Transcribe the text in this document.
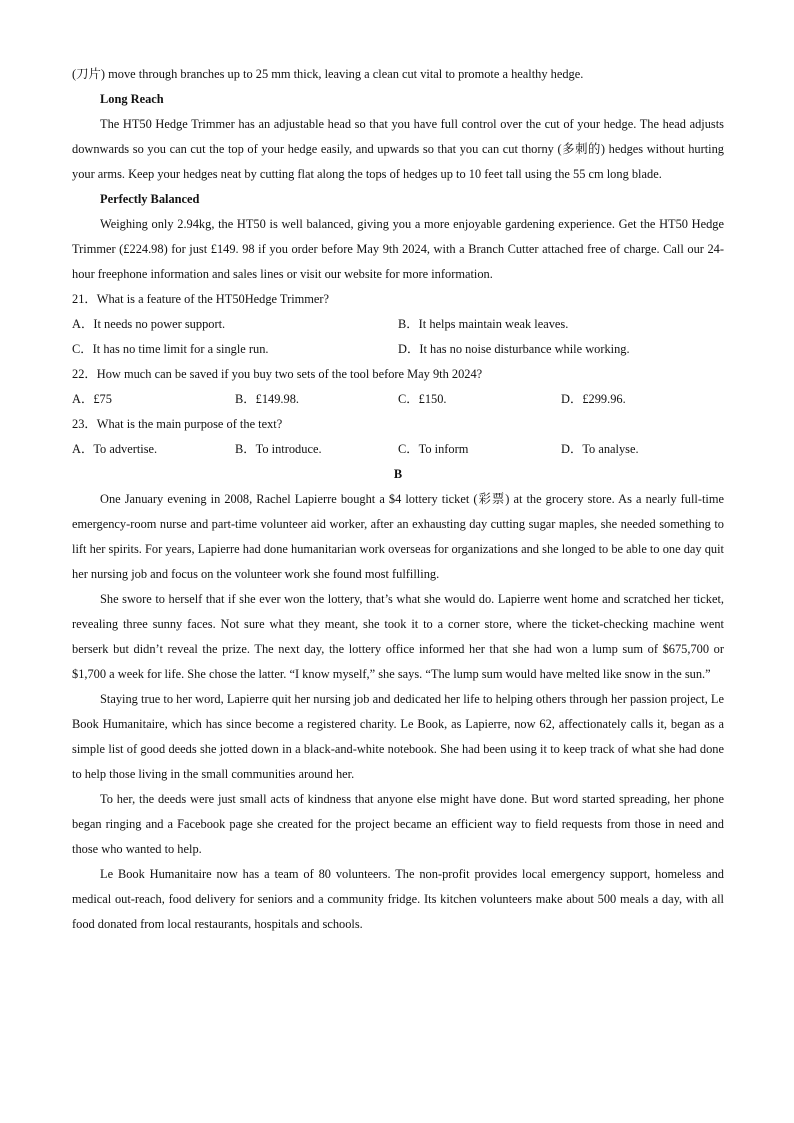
(刀片) move through branches up to 25 mm thick, leaving a clean cut vital to promote a healthy hedge.

Long Reach

The HT50 Hedge Trimmer has an adjustable head so that you have full control over the cut of your hedge. The head adjusts downwards so you can cut the top of your hedge easily, and upwards so that you can cut thorny (多刺的) hedges without hurting your arms. Keep your hedges neat by cutting flat along the tops of hedges up to 10 feet tall using the 55 cm long blade.

Perfectly Balanced

Weighing only 2.94kg, the HT50 is well balanced, giving you a more enjoyable gardening experience. Get the HT50 Hedge Trimmer (£224.98) for just £149. 98 if you order before May 9th 2024, with a Branch Cutter attached free of charge. Call our 24-hour freephone information and sales lines or visit our website for more information.

21．What is a feature of the HT50Hedge Trimmer?
A．It needs no power support.	B．It helps maintain weak leaves.
C．It has no time limit for a single run.	D．It has no noise disturbance while working.
22．How much can be saved if you buy two sets of the tool before May 9th 2024?
A．£75	B．£149.98.	C．£150.	D．£299.96.
23．What is the main purpose of the text?
A．To advertise.	B．To introduce.	C．To inform	D．To analyse.
B

One January evening in 2008, Rachel Lapierre bought a $4 lottery ticket (彩票) at the grocery store. As a nearly full-time emergency-room nurse and part-time volunteer aid worker, after an exhausting day cutting sugar maples, she needed something to lift her spirits. For years, Lapierre had done humanitarian work overseas for organizations and she longed to be able to one day quit her nursing job and focus on the volunteer work she found most fulfilling.

She swore to herself that if she ever won the lottery, that’s what she would do. Lapierre went home and scratched her ticket, revealing three sunny faces. Not sure what they meant, she took it to a corner store, where the ticket-checking machine went berserk but didn’t reveal the prize. The next day, the lottery office informed her that she had won a lump sum of $675,700 or $1,700 a week for life. She chose the latter. “I know myself,” she says. “The lump sum would have melted like snow in the sun.”

Staying true to her word, Lapierre quit her nursing job and dedicated her life to helping others through her passion project, Le Book Humanitaire, which has since become a registered charity. Le Book, as Lapierre, now 62, affectionately calls it, began as a simple list of good deeds she jotted down in a black-and-white notebook. She had been using it to keep track of what she had done to help those living in the small communities around her.

To her, the deeds were just small acts of kindness that anyone else might have done. But word started spreading, her phone began ringing and a Facebook page she created for the project became an efficient way to field requests from those in need and those who wanted to help.

Le Book Humanitaire now has a team of 80 volunteers. The non-profit provides local emergency support, homeless and medical out-reach, food delivery for seniors and a community fridge. Its kitchen volunteers make about 500 meals a day, with all food donated from local restaurants, hospitals and schools.
